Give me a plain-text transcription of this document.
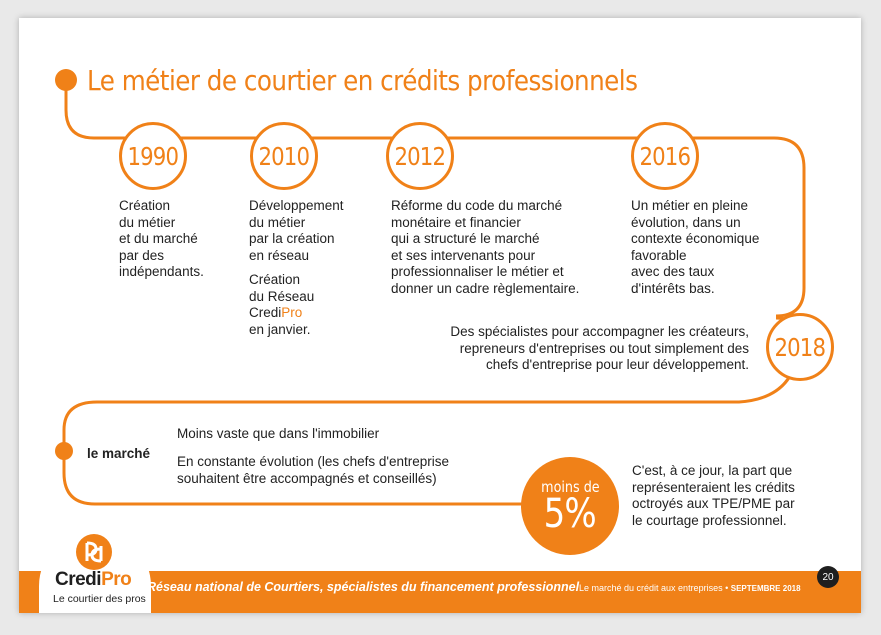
Le métier de courtier en crédits professionnels
1990

Création

du métier

et du marché

par des

indépendants.

2010

Développement

du métier

par la création

en réseau

Création

du Réseau

CrediPro

en janvier.

2012

Réforme du code du marché

monétaire et financier

qui a structuré le marché

et ses intervenants pour

professionnaliser le métier et

donner un cadre règlementaire.

2016

Un métier en pleine

évolution, dans un

contexte économique

favorable

avec des taux

d'intérêts bas.

2018

Des spécialistes pour accompagner les créateurs,

repreneurs d'entreprises ou tout simplement des

chefs d'entreprise pour leur développement.

le marché
Moins vaste que dans l'immobilier

En constante évolution (les chefs d'entreprise

souhaitent être accompagnés et conseillés)	moins de
5%

C'est, à ce jour, la part que

représenteraient les crédits

octroyés aux TPE/PME par

le courtage professionnel.

CrediPro
Le courtier des pros
Réseau national de Courtiers, spécialistes du financement professionnel Le marché du crédit aux entreprises • SEPTEMBRE 2018
20
